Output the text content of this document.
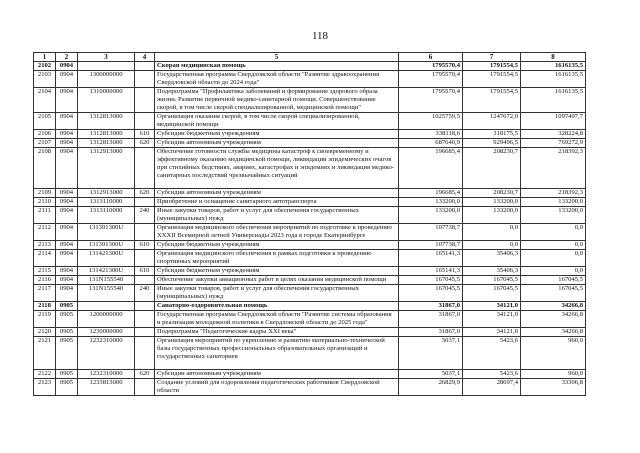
118
1	2	3	4	5	6	7	8
2102	0904			Скорая медицинская помощь	1795570,4	1791554,5	1616135,5
2103	0904	1300000000		Государственная программа Свердловской области "Развитие здравоохранения Свердловской области до 2024 года"	1795570,4	1791554,5	1616135,5
2104	0904	1310000000		Подпрограмма "Профилактика заболеваний и формирование здорового образа жизни. Развитие первичной медико-санитарной помощи. Совершенствование скорой, в том числе скорой специализированной, медицинской помощи"	1795570,4	1791554,5	1616135,5
2105	0904	1312813000		Организация оказания скорой, в том числе скорой специализированной, медицинской помощи	1025759,5	1247672,0	1097497,7
2106	0904	1312813000	610	Субсидии бюджетным учреждениям	338118,6	318175,5	328224,8
2107	0904	1312813000	620	Субсидии автономным учреждениям	687640,9	929496,5	769272,9
2108	0904	1312913000		Обеспечение готовности службы медицины катастроф к своевременному и эффективному оказанию медицинской помощи, ликвидации эпидемических очагов при стихийных бедствиях, авариях, катастрофах и эпидемиях и ликвидация медико-санитарных последствий чрезвычайных ситуаций	196685,4	208230,7	218392,3
2109	0904	1312913000	620	Субсидии автономным учреждениям	196685,4	208230,7	218392,3
2110	0904	1313110000		Приобретение и оснащение санитарного автотранспорта	133200,0	133200,0	133200,0
2111	0904	1313110000	240	Иные закупки товаров, работ и услуг для обеспечения государственных (муниципальных) нужд	133200,0	133200,0	133200,0
2112	0904	131391300U		Организация медицинского обеспечения мероприятий по подготовке к проведению XXXII Всемирной летней Универсиады 2023 года в городе Екатеринбурге	107738,7	0,0	0,0
2113	0904	131391300U	610	Субсидии бюджетным учреждениям	107738,7	0,0	0,0
2114	0904	131421300U		Организация медицинского обеспечения в рамках подготовки к проведению спортивных мероприятий	165141,3	35406,3	0,0
2115	0904	131421300U	610	Субсидии бюджетным учреждениям	165141,3	35406,3	0,0
2116	0904	131N155540		Обеспечение закупки авиационных работ в целях оказания медицинской помощи	167045,5	167045,5	167045,5
2117	0904	131N155540	240	Иные закупки товаров, работ и услуг для обеспечения государственных (муниципальных) нужд	167045,5	167045,5	167045,5
2118	0905			Санаторно-оздоровительная помощь	31867,0	34121,0	34266,8
2119	0905	1200000000		Государственная программа Свердловской области "Развитие системы образования и реализация молодежной политики в Свердловской области до 2025 года"	31867,0	34121,0	34266,8
2120	0905	1230000000		Подпрограмма "Педагогические кадры XXI века"	31867,0	34121,0	34266,8
2121	0905	1232310000		Организация мероприятий по укреплению и развитию материально-технической базы государственных профессиональных образовательных организаций и государственных санаториев	5037,1	5423,6	960,0
2122	0905	1232310000	620	Субсидии автономным учреждениям	5037,1	5423,6	960,0
2123	0905	1233813000		Создание условий для оздоровления педагогических работников Свердловской области	26829,9	28697,4	33306,8
